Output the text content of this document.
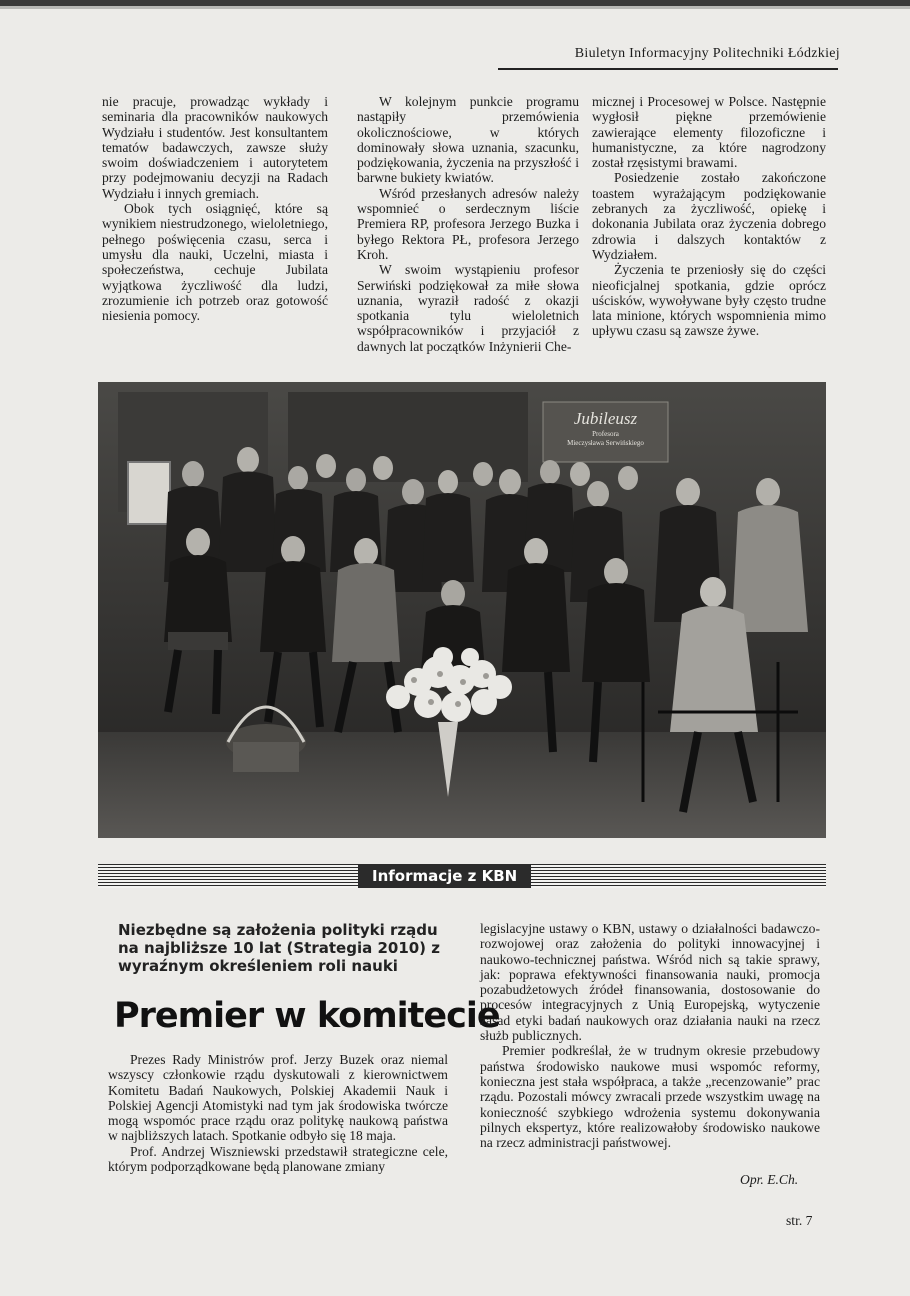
Biuletyn Informacyjny Politechniki Łódzkiej

nie pracuje, prowadząc wykłady i seminaria dla pracowników naukowych Wydziału i studentów. Jest konsultantem tematów badawczych, zawsze służy swoim doświadczeniem i autorytetem przy podejmowaniu decyzji na Radach Wydziału i innych gremiach.

Obok tych osiągnięć, które są wynikiem niestrudzonego, wieloletniego, pełnego poświęcenia czasu, serca i umysłu dla nauki, Uczelni, miasta i społeczeństwa, cechuje Jubilata wyjątkowa życzliwość dla ludzi, zrozumienie ich potrzeb oraz gotowość niesienia pomocy.

W kolejnym punkcie programu nastąpiły przemówienia okolicznościowe, w których dominowały słowa uznania, szacunku, podziękowania, życzenia na przyszłość i barwne bukiety kwiatów.

Wśród przesłanych adresów należy wspomnieć o serdecznym liście Premiera RP, profesora Jerzego Buzka i byłego Rektora PŁ, profesora Jerzego Kroh.

W swoim wystąpieniu profesor Serwiński podziękował za miłe słowa uznania, wyraził radość z okazji spotkania tylu wieloletnich współpracowników i przyjaciół z dawnych lat początków Inżynierii Che-

micznej i Procesowej w Polsce. Następnie wygłosił piękne przemówienie zawierające elementy filozoficzne i humanistyczne, za które nagrodzony został rzęsistymi brawami.

Posiedzenie zostało zakończone toastem wyrażającym podziękowanie zebranych za życzliwość, opiekę i dokonania Jubilata oraz życzenia dobrego zdrowia i dalszych kontaktów z Wydziałem.

Życzenia te przeniosły się do części nieoficjalnej spotkania, gdzie oprócz uścisków, wywoływane były często trudne lata minione, których wspomnienia mimo upływu czasu są zawsze żywe.

Jubileusz
Profesora
Mieczysława Serwińskiego
Informacje z KBN
Niezbędne są założenia polityki rządu na najbliższe 10 lat (Strategia 2010) z wyraźnym określeniem roli nauki
Premier w komitecie

Prezes Rady Ministrów prof. Jerzy Buzek oraz niemal wszyscy członkowie rządu dyskutowali z kierownictwem Komitetu Badań Naukowych, Polskiej Akademii Nauk i Polskiej Agencji Atomistyki nad tym jak środowiska twórcze mogą wspomóc prace rządu oraz politykę naukową państwa w najbliższych latach. Spotkanie odbyło się 18 maja.

Prof. Andrzej Wiszniewski przedstawił strategiczne cele, którym podporządkowane będą planowane zmiany

legislacyjne ustawy o KBN, ustawy o działalności badawczo-rozwojowej oraz założenia do polityki innowacyjnej i naukowo-technicznej państwa. Wśród nich są takie sprawy, jak: poprawa efektywności finansowania nauki, promocja pozabudżetowych źródeł finansowania, dostosowanie do procesów integracyjnych z Unią Europejską, wytyczenie zasad etyki badań naukowych oraz działania nauki na rzecz służb publicznych.

Premier podkreślał, że w trudnym okresie przebudowy państwa środowisko naukowe musi wspomóc reformy, konieczna jest stała współpraca, a także „recenzowanie” prac rządu. Pozostali mówcy zwracali przede wszystkim uwagę na konieczność szybkiego wdrożenia systemu dokonywania pilnych ekspertyz, które realizowałoby środowisko naukowe na rzecz administracji państwowej.

Opr. E.Ch.
str. 7
